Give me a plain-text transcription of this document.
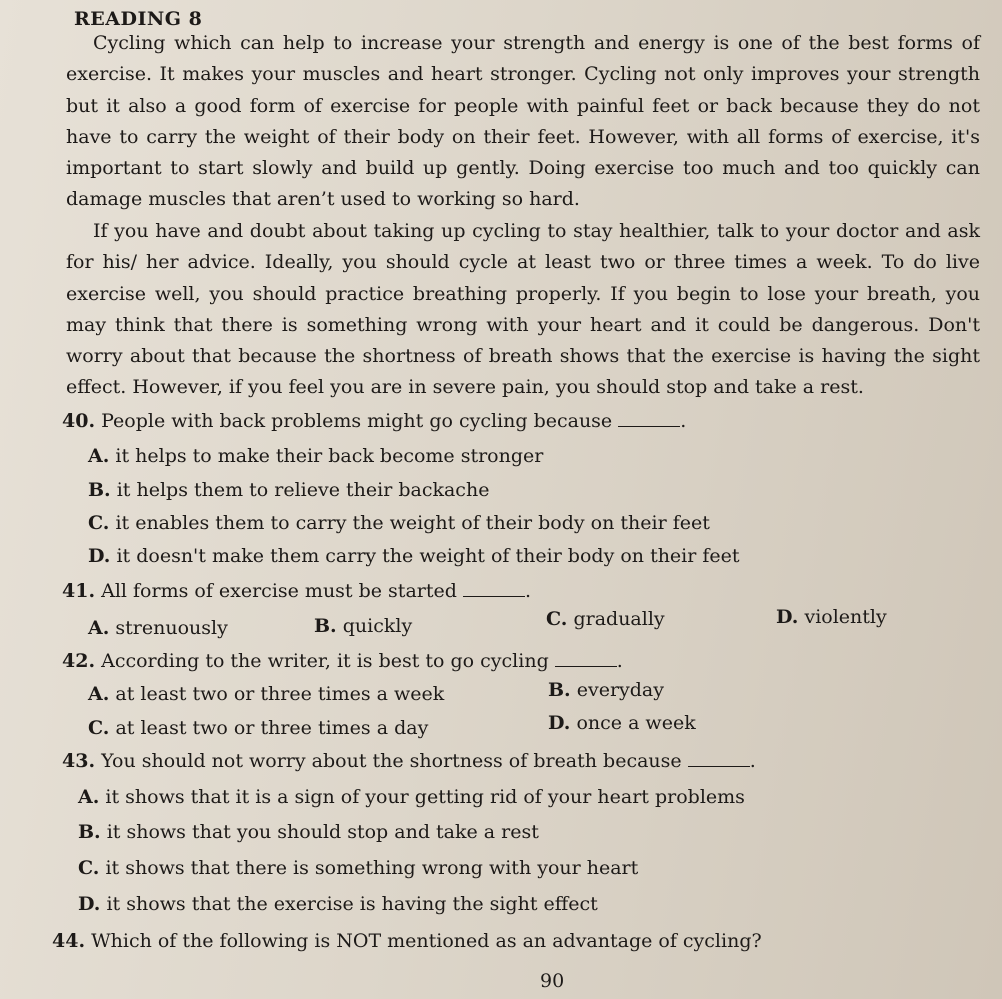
READING 8
Cycling which can help to increase your strength and energy is one of the best forms of exercise. It makes your muscles and heart stronger. Cycling not only improves your strength but it also a good form of exercise for people with painful feet or back because they do not have to carry the weight of their body on their feet. However, with all forms of exercise, it's important to start slowly and build up gently. Doing exercise too much and too quickly can damage muscles that aren’t used to working so hard.
If you have and doubt about taking up cycling to stay healthier, talk to your doctor and ask for his/ her advice. Ideally, you should cycle at least two or three times a week. To do live exercise well, you should practice breathing properly. If you begin to lose your breath, you may think that there is something wrong with your heart and it could be dangerous. Don't worry about that because the shortness of breath shows that the exercise is having the sight effect. However, if you feel you are in severe pain, you should stop and take a rest.
40. People with back problems might go cycling because	.
A. it helps to make their back become stronger
B. it helps them to relieve their backache
C. it enables them to carry the weight of their body on their feet
D. it doesn't make them carry the weight of their body on their feet
41. All forms of exercise must be started	.
A. strenuously	B. quickly	C. gradually	D. violently
42. According to the writer, it is best to go cycling	.
A. at least two or three times a week	B. everyday
C. at least two or three times a day	D. once a week
43. You should not worry about the shortness of breath because	.
A. it shows that it is a sign of your getting rid of your heart problems
B. it shows that you should stop and take a rest
C. it shows that there is something wrong with your heart
D. it shows that the exercise is having the sight effect
44. Which of the following is NOT mentioned as an advantage of cycling?
90
